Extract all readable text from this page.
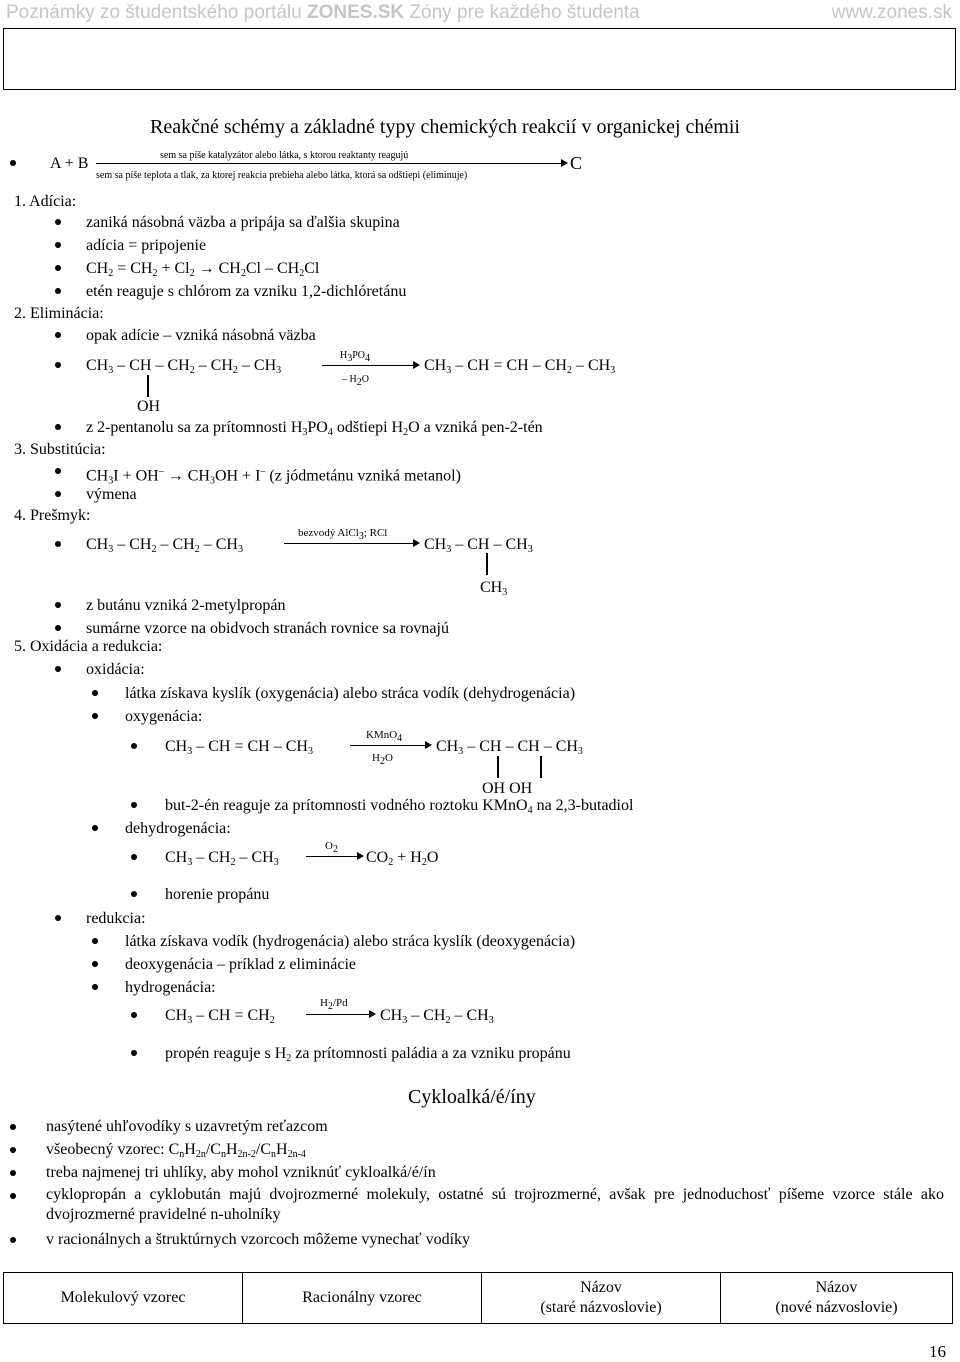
Poznámky zo študentského portálu ZONES.SK Zóny pre každého študenta	www.zones.sk
Reakčné schémy a základné typy chemických reakcií v organickej chémii
A + B	C
sem sa píše katalyzátor alebo látka, s ktorou reaktanty reagujú
sem sa píše teplota a tlak, za ktorej reakcia prebieha alebo látka, ktorá sa odštiepi (eliminuje)
1. Adícia:
zaniká násobná väzba a pripája sa ďalšia skupina
adícia = pripojenie
$CH_2 = CH_2 + Cl_2 \to CH_2Cl - CH_2Cl$
etén reaguje s chlórom za vzniku 1,2-dichlóretánu
2. Eliminácia:
opak adície – vzniká násobná väzba
$CH_3$ – CH – $CH_2 - CH_2 - CH_3$
$H_3PO_4$
– $H_2O$
$CH_3$ – CH = CH – $CH_2 - CH_3$
OH
z 2-pentanolu sa za prítomnosti $H_3PO_4$ odštiepi $H_2O$ a vzniká pen-2-tén
3. Substitúcia:
$CH_3I + OH^- \to CH_3OH + I^-$ (z jódmetánu vzniká metanol)
výmena
4. Prešmyk:
$CH_3 - CH_2 - CH_2 - CH_3$
bezvodý AlCl$_3$; RCl
$CH_3$ – CH – $CH_3$
$CH_3$
z butánu vzniká 2-metylpropán
sumárne vzorce na obidvoch stranách rovnice sa rovnajú
5. Oxidácia a redukcia:
oxidácia:
látka získava kyslík (oxygenácia) alebo stráca vodík (dehydrogenácia)
oxygenácia:
$CH_3$ – CH = CH – $CH_3$
KMnO$_4$
$H_2O$
$CH_3$ – CH – CH – $CH_3$
OH OH
but-2-én reaguje za prítomnosti vodného roztoku KMnO$_4$ na 2,3-butadiol
dehydrogenácia:
$CH_3 - CH_2 - CH_3$
$O_2$ $CO_2 + H_2O$
horenie propánu
redukcia:
látka získava vodík (hydrogenácia) alebo stráca kyslík (deoxygenácia)
deoxygenácia – príklad z eliminácie
hydrogenácia:
$CH_3$ – CH = $CH_2$
$H_2/Pd$
$CH_3 - CH_2 - CH_3$
propén reaguje s $H_2$ za prítomnosti paládia a za vzniku propánu
Cykloalká/é/íny
nasýtené uhľovodíky s uzavretým reťazcom
všeobecný vzorec: $C_nH_{2n}/C_nH_{2n-2}/C_nH_{2n-4}$
treba najmenej tri uhlíky, aby mohol vzniknúť cykloalká/é/ín
cyklopropán a cyklobután majú dvojrozmerné molekuly, ostatné sú trojrozmerné, avšak pre jednoduchosť píšeme vzorce stále ako dvojrozmerné pravidelné n-uholníky
v racionálnych a štruktúrnych vzorcoch môžeme vynechať vodíky
Molekulový vzorec	Racionálny vzorec	Názov
(staré názvoslovie)	Názov
(nové názvoslovie)
16
